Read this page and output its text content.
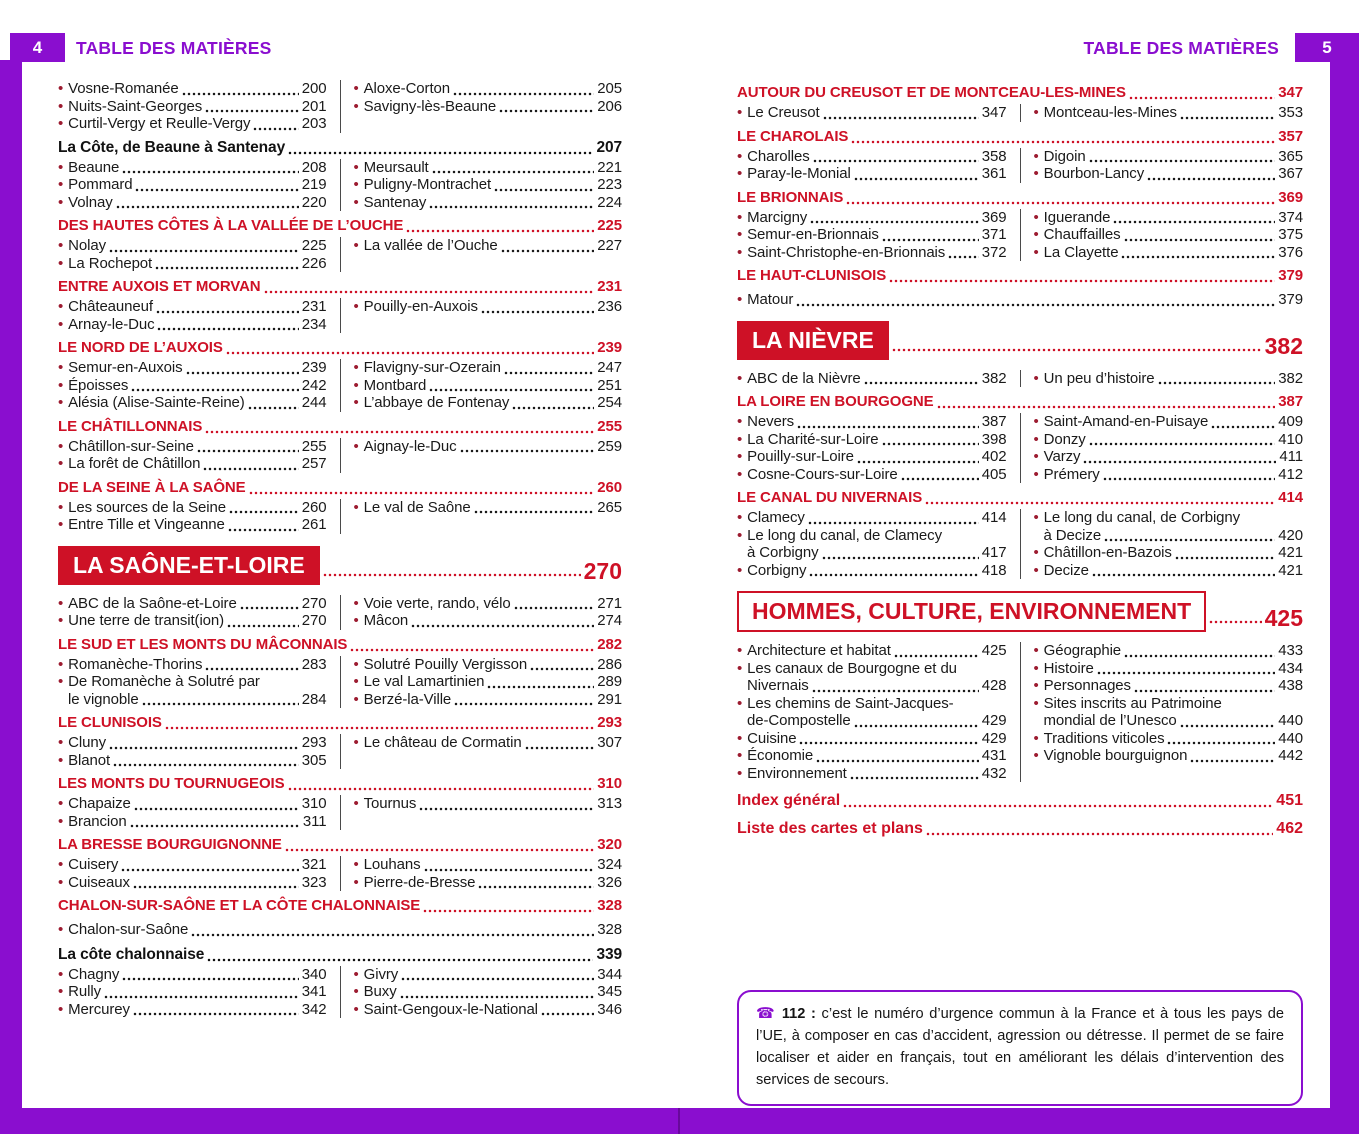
4	TABLE DES MATIÈRES	TABLE DES MATIÈRES	5
• Vosne-Romanée	200
• Nuits-Saint-Georges	201
• Curtil-Vergy et Reulle-Vergy	203
• Aloxe-Corton	205
• Savigny-lès-Beaune	206
La Côte, de Beaune à Santenay	207
• Beaune	208
• Pommard	219
• Volnay	220
• Meursault	221
• Puligny-Montrachet	223
• Santenay	224
DES HAUTES CÔTES À LA VALLÉE DE L’OUCHE	225
• Nolay	225
• La Rochepot	226
• La vallée de l’Ouche	227
ENTRE AUXOIS ET MORVAN	231
• Châteauneuf	231
• Arnay-le-Duc	234
• Pouilly-en-Auxois	236
LE NORD DE L’AUXOIS	239
• Semur-en-Auxois	239
• Époisses	242
• Alésia (Alise-Sainte-Reine)	244
• Flavigny-sur-Ozerain	247
• Montbard	251
• L’abbaye de Fontenay	254
LE CHÂTILLONNAIS	255
• Châtillon-sur-Seine	255
• La forêt de Châtillon	257
• Aignay-le-Duc	259
DE LA SEINE À LA SAÔNE	260
• Les sources de la Seine	260
• Entre Tille et Vingeanne	261
• Le val de Saône	265
LA SAÔNE-ET-LOIRE	270
• ABC de la Saône-et-Loire	270
• Une terre de transit(ion)	270
• Voie verte, rando, vélo	271
• Mâcon	274
LE SUD ET LES MONTS DU MÂCONNAIS	282
• Romanèche-Thorins	283
• De Romanèche à Solutré par
le vignoble	284
• Solutré Pouilly Vergisson	286
• Le val Lamartinien	289
• Berzé-la-Ville	291
LE CLUNISOIS	293
• Cluny	293
• Blanot	305
• Le château de Cormatin	307
LES MONTS DU TOURNUGEOIS	310
• Chapaize	310
• Brancion	311
• Tournus	313
LA BRESSE BOURGUIGNONNE	320
• Cuisery	321
• Cuiseaux	323
• Louhans	324
• Pierre-de-Bresse	326
CHALON-SUR-SAÔNE ET LA CÔTE CHALONNAISE	328
• Chalon-sur-Saône	328
La côte chalonnaise	339
• Chagny	340
• Rully	341
• Mercurey	342
• Givry	344
• Buxy	345
• Saint-Gengoux-le-National	346
AUTOUR DU CREUSOT ET DE MONTCEAU-LES-MINES	347
• Le Creusot	347 • Montceau-les-Mines	353
LE CHAROLAIS	357
• Charolles	358
• Paray-le-Monial	361
• Digoin	365
• Bourbon-Lancy	367
LE BRIONNAIS	369
• Marcigny	369
• Semur-en-Brionnais	371
• Saint-Christophe-en-Brionnais 372
• Iguerande	374
• Chauffailles	375
• La Clayette	376
LE HAUT-CLUNISOIS	379
• Matour	379
LA NIÈVRE	382
• ABC de la Nièvre	382 • Un peu d’histoire	382
LA LOIRE EN BOURGOGNE	387
• Nevers	387
• La Charité-sur-Loire	398
• Pouilly-sur-Loire	402
• Cosne-Cours-sur-Loire	405
• Saint-Amand-en-Puisaye	409
• Donzy	410
• Varzy	411
• Prémery	412
LE CANAL DU NIVERNAIS	414
• Clamecy	414
• Le long du canal, de Clamecy
à Corbigny	417
• Corbigny	418
• Le long du canal, de Corbigny
à Decize	420
• Châtillon-en-Bazois	421
• Decize	421
HOMMES, CULTURE, ENVIRONNEMENT	425
• Architecture et habitat	425
• Les canaux de Bourgogne et du
Nivernais	428
• Les chemins de Saint-Jacques-
de-Compostelle	429
• Cuisine	429
• Économie	431
• Environnement	432
• Géographie	433
• Histoire	434
• Personnages	438
• Sites inscrits au Patrimoine
mondial de l’Unesco	440
• Traditions viticoles	440
• Vignoble bourguignon	442
Index général	451
Liste des cartes et plans	462
☎ 112 : c’est le numéro d’urgence commun à la France et à tous les pays de l’UE, à composer en cas d’accident, agression ou détresse. Il permet de se faire localiser et aider en français, tout en améliorant les délais d’intervention des services de secours.
